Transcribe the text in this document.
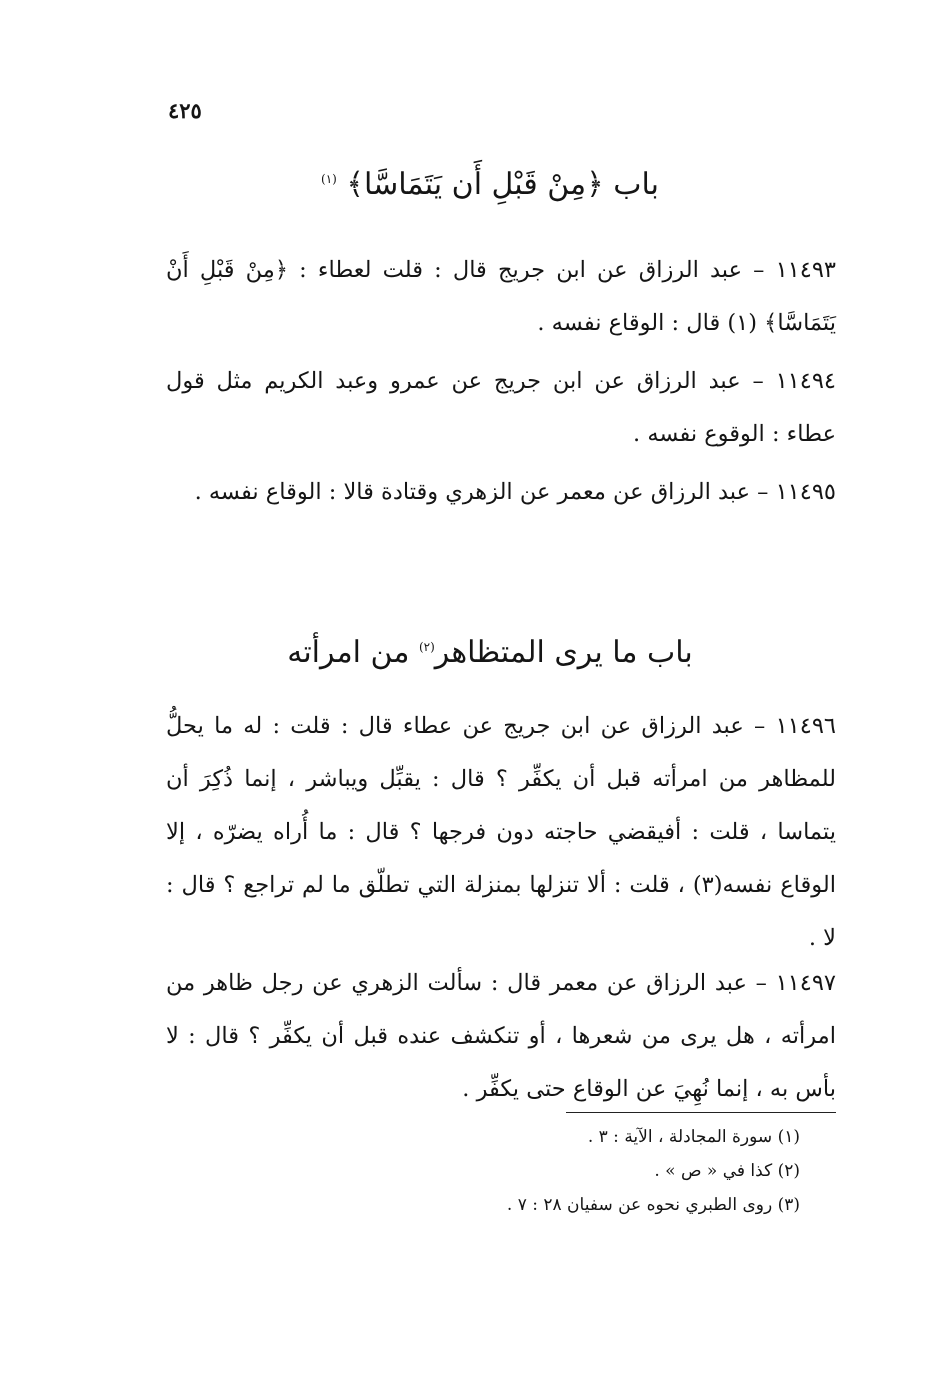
٤٢٥
باب ﴿مِنْ قَبْلِ أَن يَتَمَاسَّا﴾ $^{(١)}$
١١٤٩٣ – عبد الرزاق عن ابن جريج قال : قلت لعطاء : ﴿مِنْ قَبْلِ أَنْ يَتَمَاسَّا﴾ (١) قال : الوقاع نفسه .
١١٤٩٤ – عبد الرزاق عن ابن جريج عن عمرو وعبد الكريم مثل قول عطاء : الوقوع نفسه .
١١٤٩٥ – عبد الرزاق عن معمر عن الزهري وقتادة قالا : الوقاع نفسه .
باب ما يرى المتظاهر$^{(٢)}$ من امرأته
١١٤٩٦ – عبد الرزاق عن ابن جريج عن عطاء قال : قلت : له ما يحلُّ للمظاهر من امرأته قبل أن يكفِّر ؟ قال : يقبِّل ويباشر ، إنما ذُكِرَ أن يتماسا ، قلت : أفيقضي حاجته دون فرجها ؟ قال : ما أُراه يضرّه ، إلا الوقاع نفسه(٣) ، قلت : ألا تنزلها بمنزلة التي تطلّق ما لم تراجع ؟ قال : لا .
١١٤٩٧ – عبد الرزاق عن معمر قال : سألت الزهري عن رجل ظاهر من امرأته ، هل يرى من شعرها ، أو تنكشف عنده قبل أن يكفِّر ؟ قال : لا بأس به ، إنما نُهِيَ عن الوقاع حتى يكفِّر .
(١) سورة المجادلة ، الآية : ٣ .
(٢) كذا في « ص » .
(٣) روى الطبري نحوه عن سفيان ٢٨ : ٧ .
